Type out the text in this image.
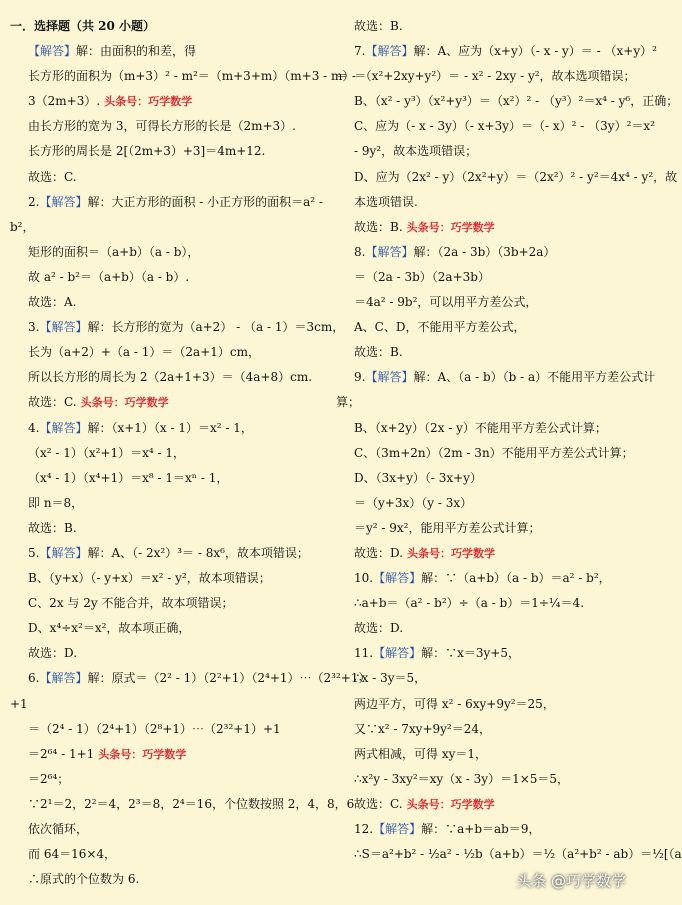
一．选择题（共 20 小题）
【解答】解：由面积的和差，得
长方形的面积为（m+3）² - m²＝（m+3+m）（m+3 - m）＝
3（2m+3）. 头条号：巧学数学
由长方形的宽为 3，可得长方形的长是（2m+3）.
长方形的周长是 2[（2m+3）+3]＝4m+12.
故选：C.
2.【解答】解：大正方形的面积 - 小正方形的面积＝a² -
b²，
矩形的面积＝（a+b）（a - b），
故 a² - b²＝（a+b）（a - b）.
故选：A.
3.【解答】解：长方形的宽为（a+2） - （a - 1）＝3cm，
长为（a+2）+（a - 1）＝（2a+1）cm，
所以长方形的周长为 2（2a+1+3）＝（4a+8）cm.
故选：C. 头条号：巧学数学
4.【解答】解：（x+1）（x - 1）＝x² - 1，
（x² - 1）（x²+1）＝x⁴ - 1，
（x⁴ - 1）（x⁴+1）＝x⁸ - 1＝xⁿ - 1，
即 n＝8，
故选：B.
5.【解答】解：A、（- 2x²）³＝ - 8x⁶，故本项错误；
B、（y+x）（- y+x）＝x² - y²，故本项错误；
C、2x 与 2y 不能合并，故本项错误；
D、x⁴÷x²＝x²，故本项正确，
故选：D.
6.【解答】解：原式＝（2² - 1）（2²+1）（2⁴+1）⋯（2³²+1）
+1
＝（2⁴ - 1）（2⁴+1）（2⁸+1）⋯（2³²+1）+1
＝2⁶⁴ - 1+1 头条号：巧学数学
＝2⁶⁴；
∵2¹＝2，2²＝4，2³＝8，2⁴＝16，个位数按照 2，4，8，6
依次循环，
而 64＝16×4，
∴原式的个位数为 6.
故选：B.
7.【解答】解：A、应为（x+y）（- x - y）＝ - （x+y）²
＝ - （x²+2xy+y²）＝ - x² - 2xy - y²，故本选项错误；
B、（x² - y³）（x²+y³）＝（x²）² - （y³）²＝x⁴ - y⁶，正确；
C、应为（- x - 3y）（- x+3y）＝（- x）² - （3y）²＝x²
- 9y²，故本选项错误；
D、应为（2x² - y）（2x²+y）＝（2x²）² - y²＝4x⁴ - y²，故
本选项错误.
故选：B. 头条号：巧学数学
8.【解答】解：（2a - 3b）（3b+2a）
＝（2a - 3b）（2a+3b）
＝4a² - 9b²，可以用平方差公式，
A、C、D，不能用平方差公式，
故选：B.
9.【解答】解：A、（a - b）（b - a）不能用平方差公式计
算；
B、（x+2y）（2x - y）不能用平方差公式计算；
C、（3m+2n）（2m - 3n）不能用平方差公式计算；
D、（3x+y）（- 3x+y）
＝（y+3x）（y - 3x）
＝y² - 9x²，能用平方差公式计算；
故选：D. 头条号：巧学数学
10.【解答】解：∵（a+b）（a - b）＝a² - b²，
∴a+b＝（a² - b²）÷（a - b）＝1÷¼＝4.
故选：D.
11.【解答】解：∵x＝3y+5，
∴x - 3y＝5，
两边平方，可得 x² - 6xy+9y²＝25，
又∵x² - 7xy+9y²＝24，
两式相减，可得 xy＝1，
∴x²y - 3xy²＝xy（x - 3y）＝1×5＝5，
故选：C. 头条号：巧学数学
12.【解答】解：∵a+b＝ab＝9，
∴S＝a²+b² - ½a² - ½b（a+b）＝½（a²+b² - ab）＝½[（a
头条 @巧学数学
